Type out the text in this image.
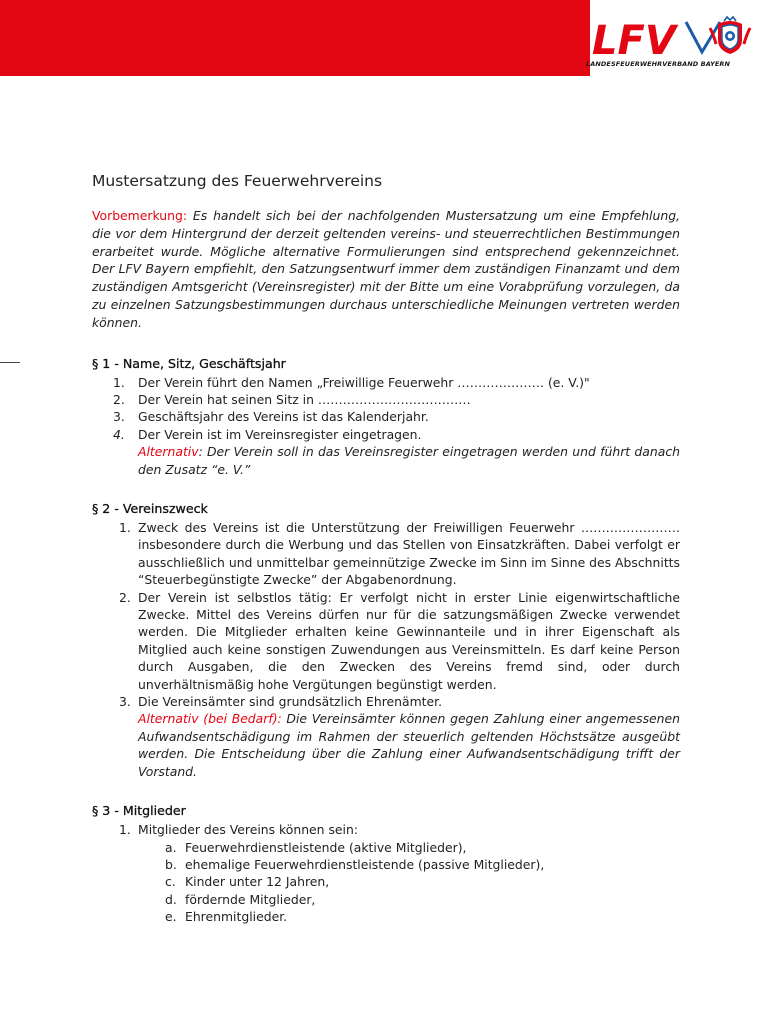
LFV
LANDESFEUERWEHRVERBAND BAYERN
Mustersatzung des Feuerwehrvereins
Vorbemerkung: Es handelt sich bei der nachfolgenden Mustersatzung um eine Empfehlung, die vor dem Hintergrund der derzeit geltenden vereins- und steuerrechtlichen Bestimmungen erarbeitet wurde. Mögliche alternative Formulierungen sind entsprechend gekennzeichnet. Der LFV Bayern empfiehlt, den Satzungsentwurf immer dem zuständigen Finanzamt und dem zuständigen Amtsgericht (Vereinsregister) mit der Bitte um eine Vorabprüfung vorzulegen, da zu einzelnen Satzungsbestimmungen durchaus unterschiedliche Meinungen vertreten werden können.
§ 1 - Name, Sitz, Geschäftsjahr
1. Der Verein führt den Namen „Freiwillige Feuerwehr ………………… (e. V.)"
2. Der Verein hat seinen Sitz in ……………………………….
3. Geschäftsjahr des Vereins ist das Kalenderjahr.
4. Der Verein ist im Vereinsregister eingetragen.
Alternativ: Der Verein soll in das Vereinsregister eingetragen werden und führt danach den Zusatz “e. V.”
§ 2 - Vereinszweck
1. Zweck des Vereins ist die Unterstützung der Freiwilligen Feuerwehr …………………… insbesondere durch die Werbung und das Stellen von Einsatzkräften. Dabei verfolgt er ausschließlich und unmittelbar gemeinnützige Zwecke im Sinn im Sinne des Abschnitts “Steuerbegünstigte Zwecke” der Abgabenordnung.
2. Der Verein ist selbstlos tätig: Er verfolgt nicht in erster Linie eigenwirtschaftliche Zwecke. Mittel des Vereins dürfen nur für die satzungsmäßigen Zwecke verwendet werden. Die Mitglieder erhalten keine Gewinnanteile und in ihrer Eigenschaft als Mitglied auch keine sonstigen Zuwendungen aus Vereinsmitteln. Es darf keine Person durch Ausgaben, die den Zwecken des Vereins fremd sind, oder durch unverhältnismäßig hohe Vergütungen begünstigt werden.
3. Die Vereinsämter sind grundsätzlich Ehrenämter.
Alternativ (bei Bedarf): Die Vereinsämter können gegen Zahlung einer angemessenen Aufwandsentschädigung im Rahmen der steuerlich geltenden Höchstsätze ausgeübt werden. Die Entscheidung über die Zahlung einer Aufwandsentschädigung trifft der Vorstand.
§ 3 - Mitglieder
1. Mitglieder des Vereins können sein:
a. Feuerwehrdienstleistende (aktive Mitglieder),
b. ehemalige Feuerwehrdienstleistende (passive Mitglieder),
c. Kinder unter 12 Jahren,
d. fördernde Mitglieder,
e. Ehrenmitglieder.
